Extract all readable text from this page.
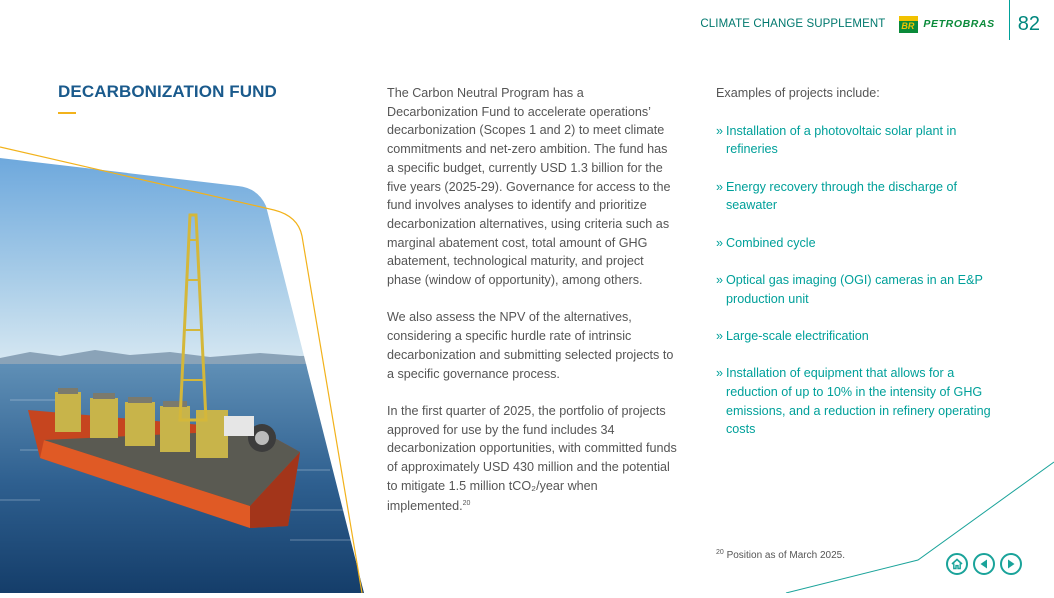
CLIMATE CHANGE SUPPLEMENT BR PETROBRAS 82
DECARBONIZATION FUND	The Carbon Neutral Program has a Decarbonization Fund to accelerate operations’ decarbonization (Scopes 1 and 2) to meet climate commitments and net-zero ambition. The fund has a specific budget, currently USD 1.3 billion for the five years (2025-29). Governance for access to the fund involves analyses to identify and prioritize decarbonization alternatives, using criteria such as marginal abatement cost, total amount of GHG abatement, technological maturity, and project phase (window of opportunity), among others.

We also assess the NPV of the alternatives, considering a specific hurdle rate of intrinsic decarbonization and submitting selected projects to a specific governance process.

In the first quarter of 2025, the portfolio of projects approved for use by the fund includes 34 decarbonization opportunities, with committed funds of approximately USD 430 million and the potential to mitigate 1.5 million tCO₂/year when implemented.$^{20}$

Examples of projects include:

» Installation of a photovoltaic solar plant in refineries
» Energy recovery through the discharge of seawater
» Combined cycle
» Optical gas imaging (OGI) cameras in an E&P production unit
» Large-scale electrification
» Installation of equipment that allows for a reduction of up to 10% in the intensity of GHG emissions, and a reduction in refinery operating costs
$^{20}$ Position as of March 2025.
